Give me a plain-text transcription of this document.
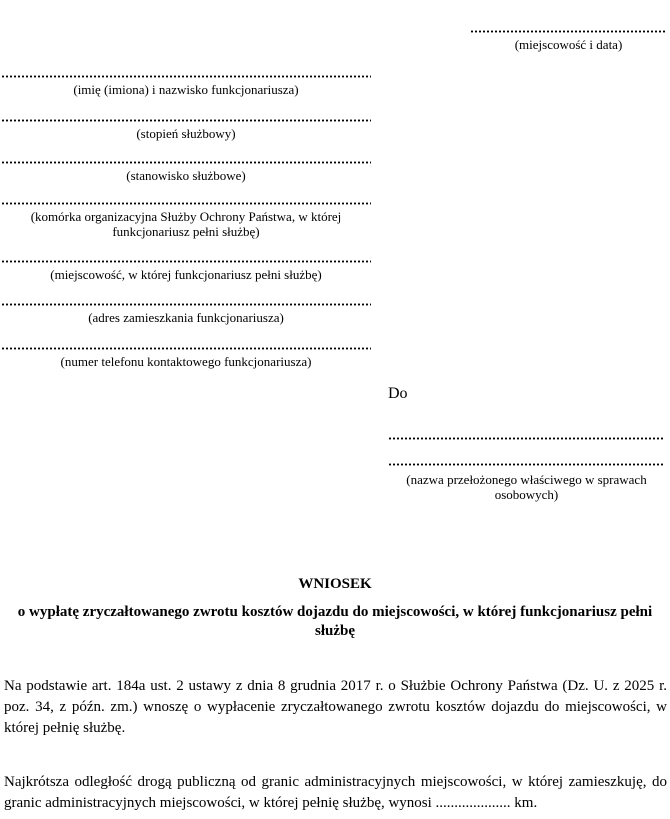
(miejscowość i data)
(imię (imiona) i nazwisko funkcjonariusza)
(stopień służbowy)
(stanowisko służbowe)
(komórka organizacyjna Służby Ochrony Państwa, w której funkcjonariusz pełni służbę)
(miejscowość, w której funkcjonariusz pełni służbę)
(adres zamieszkania funkcjonariusza)
(numer telefonu kontaktowego funkcjonariusza)
Do
(nazwa przełożonego właściwego w sprawach osobowych)
WNIOSEK
o wypłatę zryczałtowanego zwrotu kosztów dojazdu do miejscowości, w której funkcjonariusz pełni służbę

Na podstawie art. 184a ust. 2 ustawy z dnia 8 grudnia 2017 r. o Służbie Ochrony Państwa (Dz. U. z 2025 r. poz. 34, z późn. zm.) wnoszę o wypłacenie zryczałtowanego zwrotu kosztów dojazdu do miejscowości, w której pełnię służbę.

Najkrótsza odległość drogą publiczną od granic administracyjnych miejscowości, w której zamieszkuję, do granic administracyjnych miejscowości, w której pełnię służbę, wynosi .................... km.
